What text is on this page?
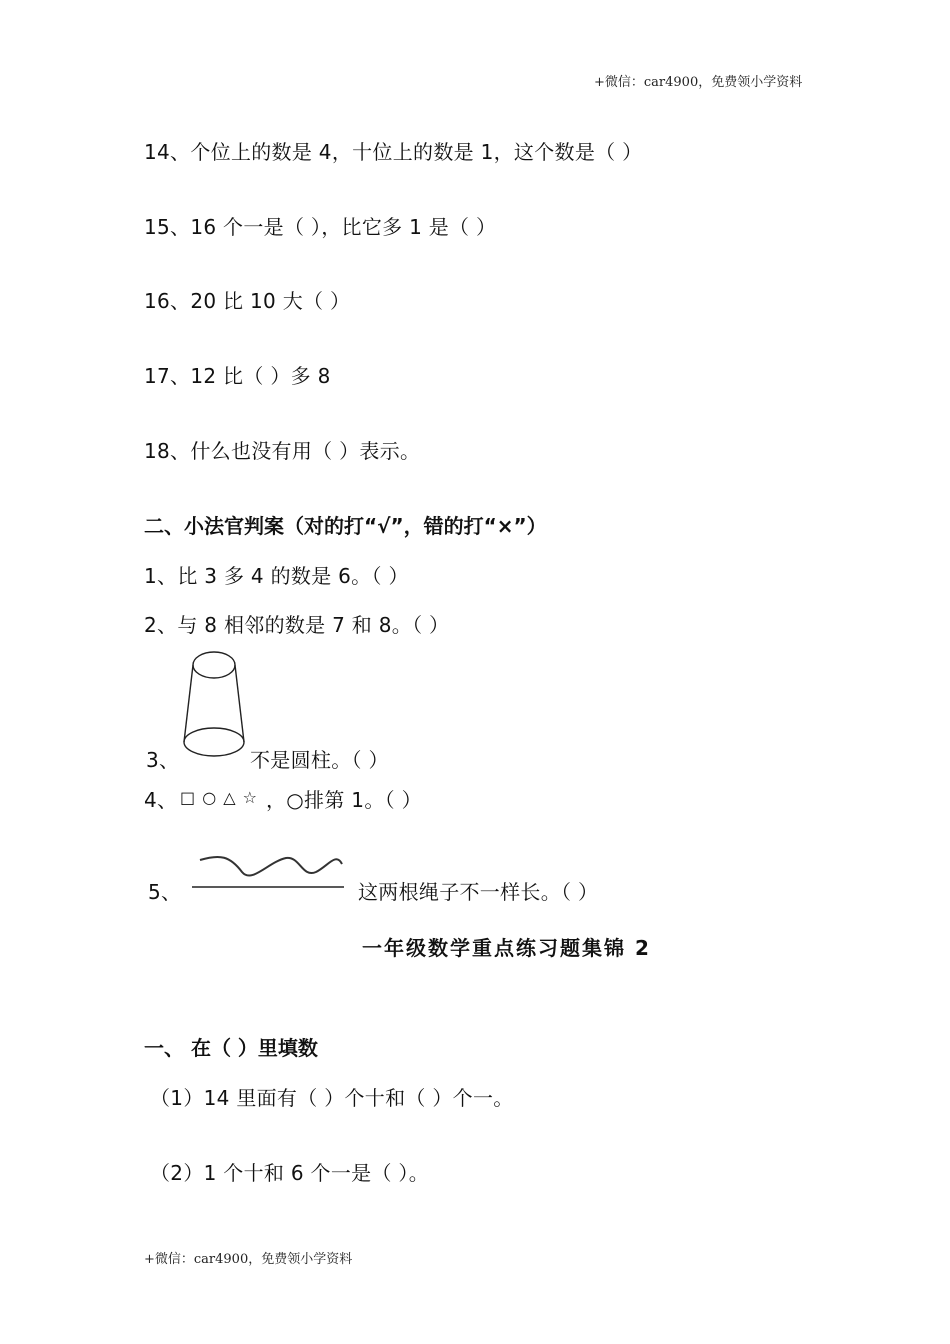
+微信：car4900，免费领小学资料
14、个位上的数是 4，十位上的数是 1，这个数是（ ）
15、16 个一是（ ），比它多 1 是（ ）
16、20 比 10 大（ ）
17、12 比（ ）多 8
18、什么也没有用（ ）表示。
二、小法官判案（对的打“√”，错的打“×”）
1、比 3 多 4 的数是 6。（ ）
2、与 8 相邻的数是 7 和 8。（ ）
3、	不是圆柱。（ ）
4、 □ ○ △ ☆ ，○排第 1。（ ）
5、	这两根绳子不一样长。（ ）
一年级数学重点练习题集锦 2
一、 在（ ）里填数
（1）14 里面有（ ）个十和（ ）个一。
（2）1 个十和 6 个一是（ ）。
+微信：car4900，免费领小学资料
